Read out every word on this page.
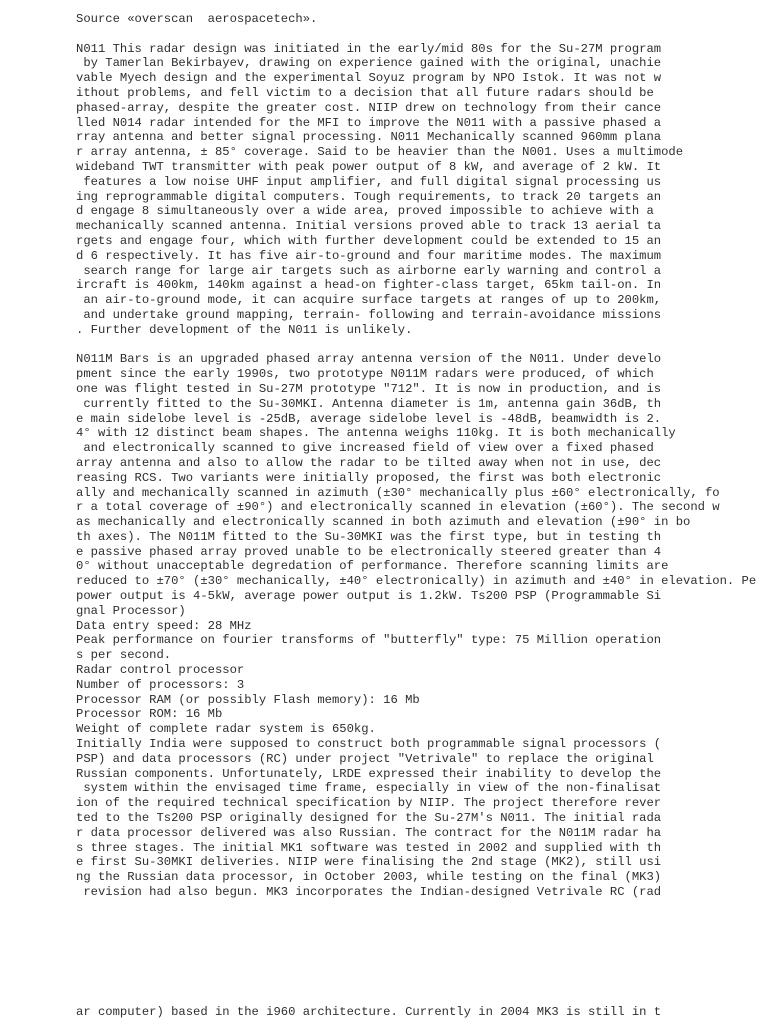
Source «overscan  aerospacetech».
N011 This radar design was initiated in the early/mid 80s for the Su-27M program
by Tamerlan Bekirbayev, drawing on experience gained with the original, unachie
vable Myech design and the experimental Soyuz program by NPO Istok. It was not w
ithout problems, and fell victim to a decision that all future radars should be
phased-array, despite the greater cost. NIIP drew on technology from their cance
lled N014 radar intended for the MFI to improve the N011 with a passive phased a
rray antenna and better signal processing. N011 Mechanically scanned 960mm plana
r array antenna, ± 85° coverage. Said to be heavier than the N001. Uses a multimode
wideband TWT transmitter with peak power output of 8 kW, and average of 2 kW. It
features a low noise UHF input amplifier, and full digital signal processing us
ing reprogrammable digital computers. Tough requirements, to track 20 targets an
d engage 8 simultaneously over a wide area, proved impossible to achieve with a
mechanically scanned antenna. Initial versions proved able to track 13 aerial ta
rgets and engage four, which with further development could be extended to 15 an
d 6 respectively. It has five air-to-ground and four maritime modes. The maximum
search range for large air targets such as airborne early warning and control a
ircraft is 400km, 140km against a head-on fighter-class target, 65km tail-on. In
an air-to-ground mode, it can acquire surface targets at ranges of up to 200km,
and undertake ground mapping, terrain- following and terrain-avoidance missions
. Further development of the N011 is unlikely.
N011M Bars is an upgraded phased array antenna version of the N011. Under develo
pment since the early 1990s, two prototype N011M radars were produced, of which
one was flight tested in Su-27M prototype "712". It is now in production, and is
currently fitted to the Su-30MKI. Antenna diameter is 1m, antenna gain 36dB, th
e main sidelobe level is -25dB, average sidelobe level is -48dB, beamwidth is 2.
4° with 12 distinct beam shapes. The antenna weighs 110kg. It is both mechanically
and electronically scanned to give increased field of view over a fixed phased
array antenna and also to allow the radar to be tilted away when not in use, dec
reasing RCS. Two variants were initially proposed, the first was both electronic
ally and mechanically scanned in azimuth (±30° mechanically plus ±60° electronically, fo
r a total coverage of ±90°) and electronically scanned in elevation (±60°). The second w
as mechanically and electronically scanned in both azimuth and elevation (±90° in bo
th axes). The N011M fitted to the Su-30MKI was the first type, but in testing th
e passive phased array proved unable to be electronically steered greater than 4
0° without unacceptable degredation of performance. Therefore scanning limits are
reduced to ±70° (±30° mechanically, ±40° electronically) in azimuth and ±40° in elevation. Pe
power output is 4-5kW, average power output is 1.2kW. Ts200 PSP (Programmable Si
gnal Processor)
Data entry speed: 28 MHz
Peak performance on fourier transforms of "butterfly" type: 75 Million operation
s per second.
Radar control processor
Number of processors: 3
Processor RAM (or possibly Flash memory): 16 Mb
Processor ROM: 16 Mb
Weight of complete radar system is 650kg.
Initially India were supposed to construct both programmable signal processors (
PSP) and data processors (RC) under project "Vetrivale" to replace the original
Russian components. Unfortunately, LRDE expressed their inability to develop the
system within the envisaged time frame, especially in view of the non-finalisat
ion of the required technical specification by NIIP. The project therefore rever
ted to the Ts200 PSP originally designed for the Su-27M's N011. The initial rada
r data processor delivered was also Russian. The contract for the N011M radar ha
s three stages. The initial MK1 software was tested in 2002 and supplied with th
e first Su-30MKI deliveries. NIIP were finalising the 2nd stage (MK2), still usi
ng the Russian data processor, in October 2003, while testing on the final (MK3)
revision had also begun. MK3 incorporates the Indian-designed Vetrivale RC (rad
ar computer) based in the i960 architecture. Currently in 2004 MK3 is still in t
